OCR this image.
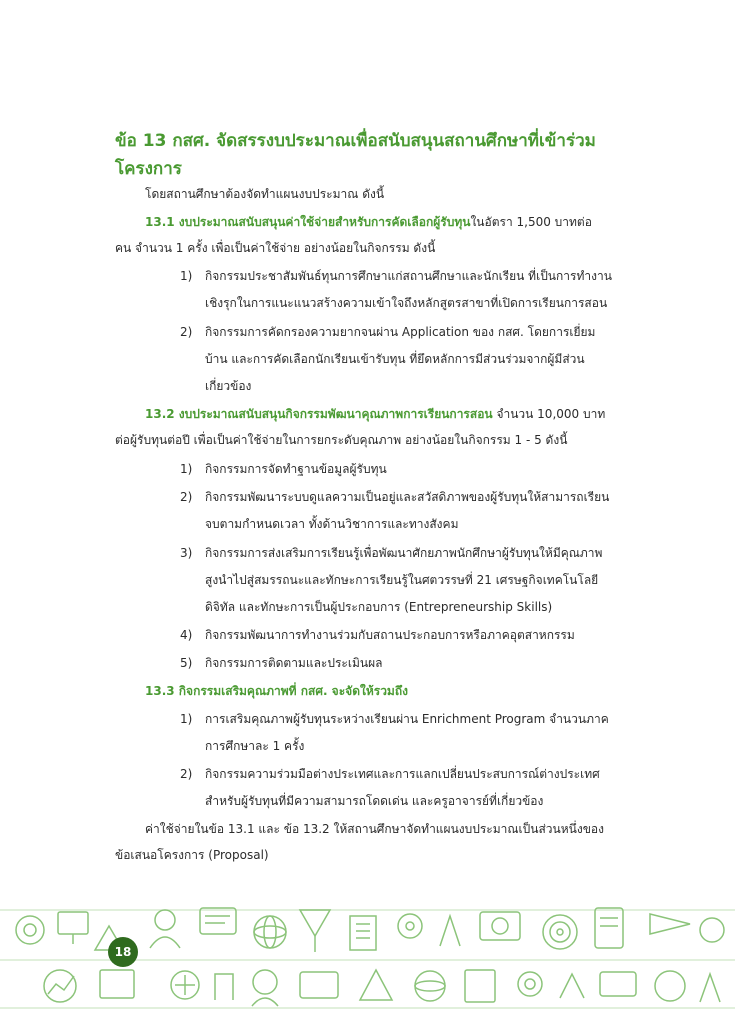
ข้อ 13 กสศ. จัดสรรงบประมาณเพื่อสนับสนุนสถานศึกษาที่เข้าร่วม
โครงการ
โดยสถานศึกษาต้องจัดทำแผนงบประมาณ ดังนี้
13.1 งบประมาณสนับสนุนค่าใช้จ่ายสำหรับการคัดเลือกผู้รับทุนในอัตรา 1,500 บาทต่อ
คน จำนวน 1 ครั้ง เพื่อเป็นค่าใช้จ่าย อย่างน้อยในกิจกรรม ดังนี้
1) กิจกรรมประชาสัมพันธ์ทุนการศึกษาแก่สถานศึกษาและนักเรียน ที่เป็นการทำงาน
เชิงรุกในการแนะแนวสร้างความเข้าใจถึงหลักสูตรสาขาที่เปิดการเรียนการสอน
2) กิจกรรมการคัดกรองความยากจนผ่าน Application ของ กสศ. โดยการเยี่ยม
บ้าน และการคัดเลือกนักเรียนเข้ารับทุน ที่ยึดหลักการมีส่วนร่วมจากผู้มีส่วน
เกี่ยวข้อง
13.2 งบประมาณสนับสนุนกิจกรรมพัฒนาคุณภาพการเรียนการสอน จำนวน 10,000 บาท
ต่อผู้รับทุนต่อปี เพื่อเป็นค่าใช้จ่ายในการยกระดับคุณภาพ อย่างน้อยในกิจกรรม 1 - 5 ดังนี้
1) กิจกรรมการจัดทำฐานข้อมูลผู้รับทุน
2) กิจกรรมพัฒนาระบบดูแลความเป็นอยู่และสวัสดิภาพของผู้รับทุนให้สามารถเรียน
จบตามกำหนดเวลา ทั้งด้านวิชาการและทางสังคม
3) กิจกรรมการส่งเสริมการเรียนรู้เพื่อพัฒนาศักยภาพนักศึกษาผู้รับทุนให้มีคุณภาพ
สูงนำไปสู่สมรรถนะและทักษะการเรียนรู้ในศตวรรษที่ 21 เศรษฐกิจเทคโนโลยี
ดิจิทัล และทักษะการเป็นผู้ประกอบการ (Entrepreneurship Skills)
4) กิจกรรมพัฒนาการทำงานร่วมกับสถานประกอบการหรือภาคอุตสาหกรรม
5) กิจกรรมการติดตามและประเมินผล
13.3 กิจกรรมเสริมคุณภาพที่ กสศ. จะจัดให้รวมถึง
1) การเสริมคุณภาพผู้รับทุนระหว่างเรียนผ่าน Enrichment Program จำนวนภาค
การศึกษาละ 1 ครั้ง
2) กิจกรรมความร่วมมือต่างประเทศและการแลกเปลี่ยนประสบการณ์ต่างประเทศ
สำหรับผู้รับทุนที่มีความสามารถโดดเด่น และครูอาจารย์ที่เกี่ยวข้อง
ค่าใช้จ่ายในข้อ 13.1 และ ข้อ 13.2 ให้สถานศึกษาจัดทำแผนงบประมาณเป็นส่วนหนึ่งของ
ข้อเสนอโครงการ (Proposal)
18
